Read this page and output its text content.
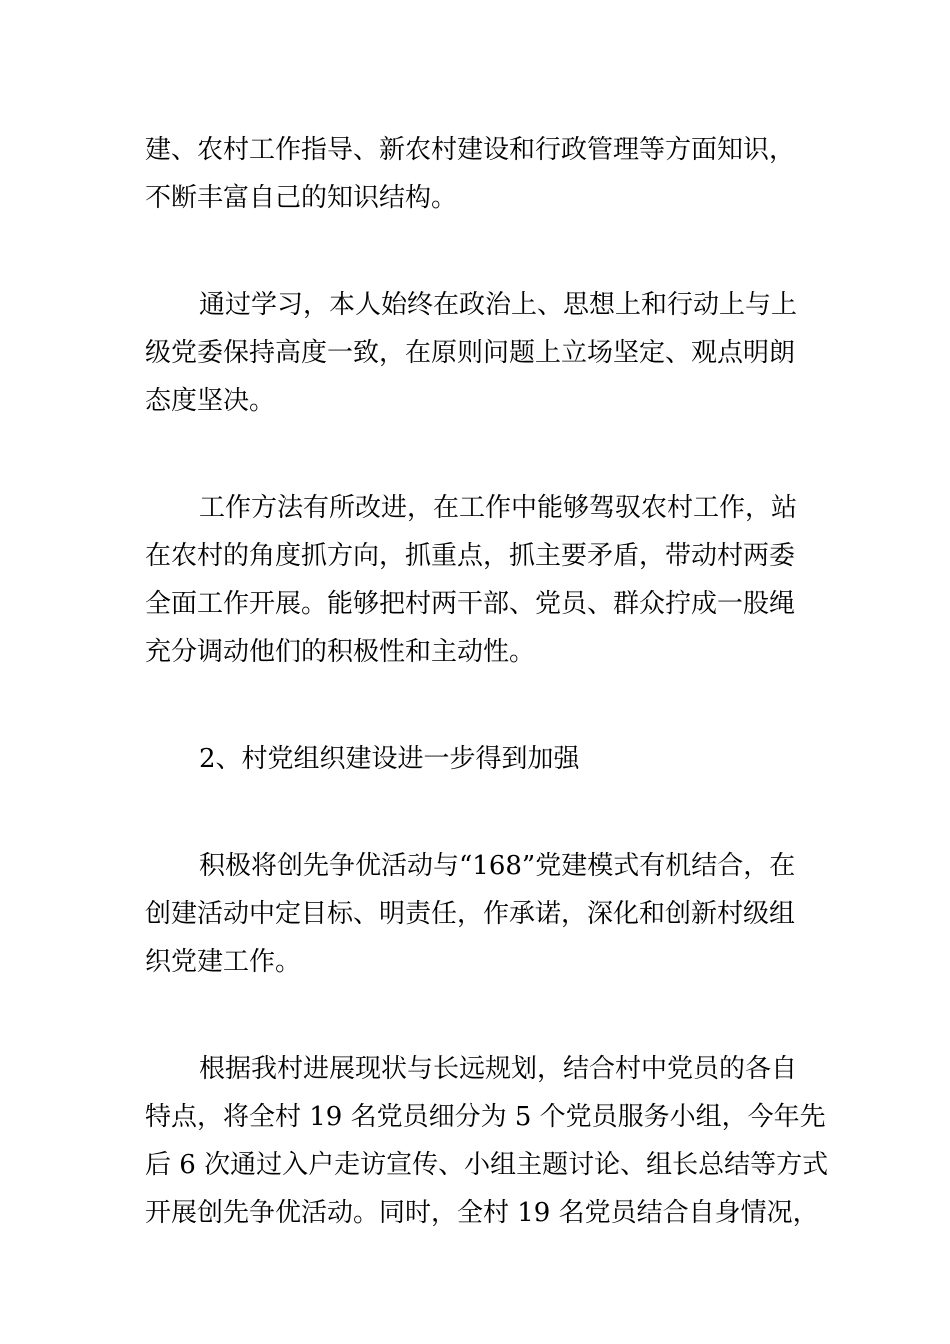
建、农村工作指导、新农村建设和行政管理等方面知识，
不断丰富自己的知识结构。
通过学习，本人始终在政治上、思想上和行动上与上
级党委保持高度一致，在原则问题上立场坚定、观点明朗
态度坚决。
工作方法有所改进，在工作中能够驾驭农村工作，站
在农村的角度抓方向，抓重点，抓主要矛盾，带动村两委
全面工作开展。能够把村两干部、党员、群众拧成一股绳
充分调动他们的积极性和主动性。
2、村党组织建设进一步得到加强
积极将创先争优活动与“168”党建模式有机结合，在
创建活动中定目标、明责任，作承诺，深化和创新村级组
织党建工作。
根据我村进展现状与长远规划，结合村中党员的各自
特点，将全村 19 名党员细分为 5 个党员服务小组，今年先
后 6 次通过入户走访宣传、小组主题讨论、组长总结等方式
开展创先争优活动。同时，全村 19 名党员结合自身情况，
